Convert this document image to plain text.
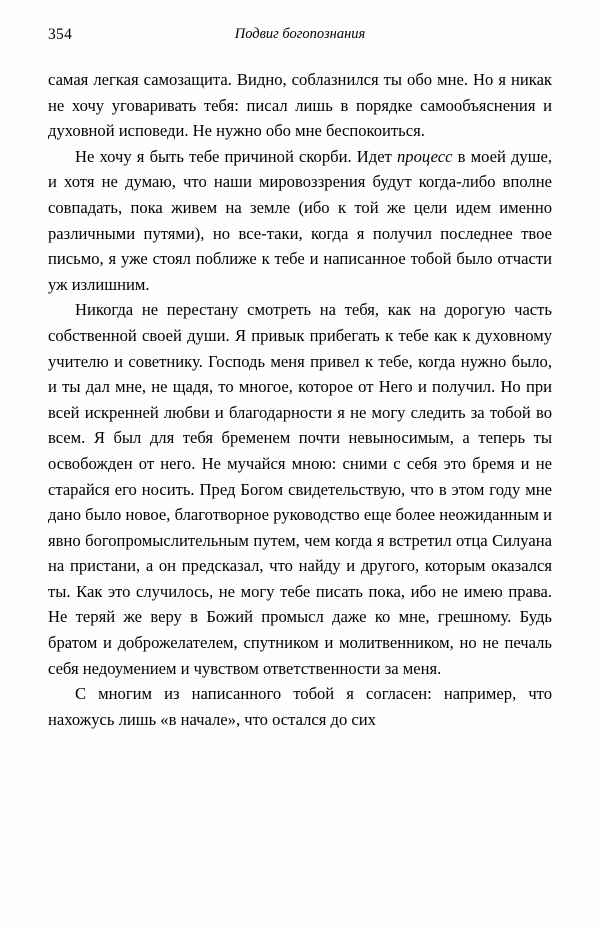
354	Подвиг богопознания

самая легкая самозащита. Видно, соблазнился ты обо мне. Но я никак не хочу уговаривать тебя: писал лишь в порядке самообъяснения и духовной исповеди. Не нужно обо мне беспокоиться.

Не хочу я быть тебе причиной скорби. Идет процесс в моей душе, и хотя не думаю, что наши мировоззрения будут когда-либо вполне совпадать, пока живем на земле (ибо к той же цели идем именно различными путями), но все-таки, когда я получил последнее твое письмо, я уже стоял поближе к тебе и написанное тобой было отчасти уж излишним.

Никогда не перестану смотреть на тебя, как на дорогую часть собственной своей души. Я привык прибегать к тебе как к духовному учителю и советнику. Господь меня привел к тебе, когда нужно было, и ты дал мне, не щадя, то многое, которое от Него и получил. Но при всей искренней любви и благодарности я не могу следить за тобой во всем. Я был для тебя бременем почти невыносимым, а теперь ты освобожден от него. Не мучайся мною: сними с себя это бремя и не старайся его носить. Пред Богом свидетельствую, что в этом году мне дано было новое, благотворное руководство еще более неожиданным и явно богопромыслительным путем, чем когда я встретил отца Силуана на пристани, а он предсказал, что найду и другого, которым оказался ты. Как это случилось, не могу тебе писать пока, ибо не имею права. Не теряй же веру в Божий промысл даже ко мне, грешному. Будь братом и доброжелателем, спутником и молитвенником, но не печаль себя недоумением и чувством ответственности за меня.

С многим из написанного тобой я согласен: например, что нахожусь лишь «в начале», что остался до сих
